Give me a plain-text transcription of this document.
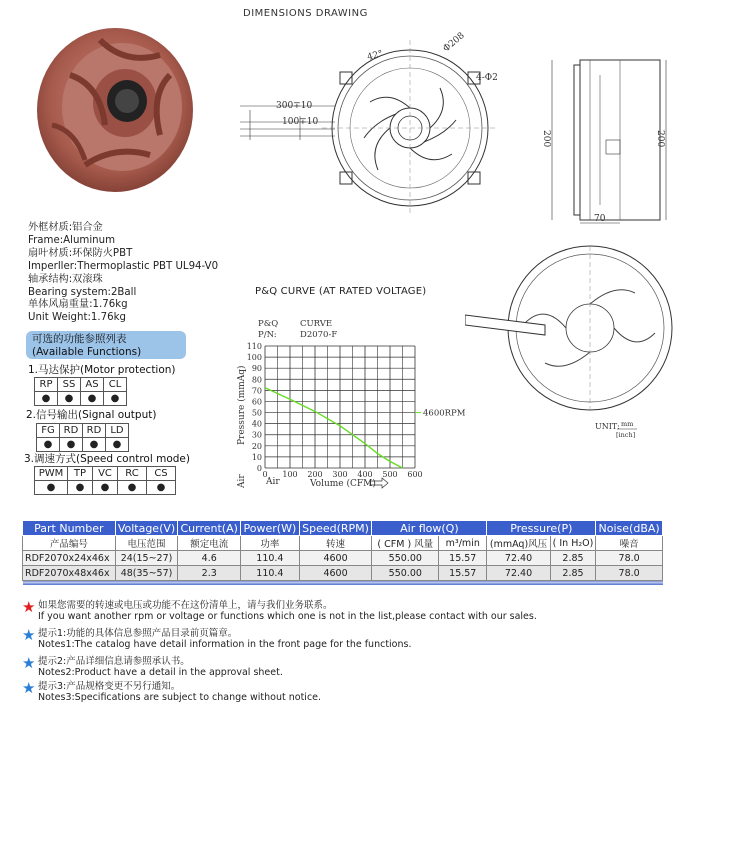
DIMENSIONS DRAWING
300∓10
100∓10
42°
Φ208
4-Φ2
200	200
70
UNIT: mm
[inch]
外框材质:铝合金
Frame:Aluminum
扇叶材质:环保防火PBT
Imperller:Thermoplastic PBT UL94-V0
轴承结构:双滚珠
Bearing system:2Ball
单体风扇重量:1.76kg
Unit Weight:1.76kg
可选的功能参照列表
(Available Functions)
1.马达保护(Motor protection)
RP	SS	AS	CL
●	●	●	●
2.信号输出(Signal output)
FG	RD	RD	LD
●	●	●	●
3.调速方式(Speed control mode)
PWM	TP	VC	RC	CS
●	●	●	●	●
P&Q CURVE (AT RATED VOLTAGE)
P&Q
P/N:
CURVE
D2070-F
0
10
20
30
40
50
60
70
80
90
100
110
0 100 200 300 400 500 600
Air	Volume (CFM)
Pressure (mmAq)
Air
4600RPM
Part Number	Voltage(V)	Current(A)	Power(W)	Speed(RPM)	Air flow(Q)		Pressure(P)		Noise(dBA)
产品编号	电压范围	额定电流	功率	转速	( CFM ) 风量	m³/min	(mmAq)风压	( In H₂O)	噪音
RDF2070x24x46x	24(15~27)	4.6	110.4	4600	550.00	15.57	72.40	2.85	78.0
RDF2070x48x46x	48(35~57)	2.3	110.4	4600	550.00	15.57	72.40	2.85	78.0

★ 如果您需要的转速或电压或功能不在这份清单上，请与我们业务联系。
If you want another rpm or voltage or functions which one is not in the list,please contact with our sales.
★ 提示1:功能的具体信息参照产品目录前页篇章。
Notes1:The catalog have detail information in the front page for the functions.
★ 提示2:产品详细信息请参照承认书。
Notes2:Product have a detail in the approval sheet.
★ 提示3:产品规格变更不另行通知。
Notes3:Specifications are subject to change without notice.
